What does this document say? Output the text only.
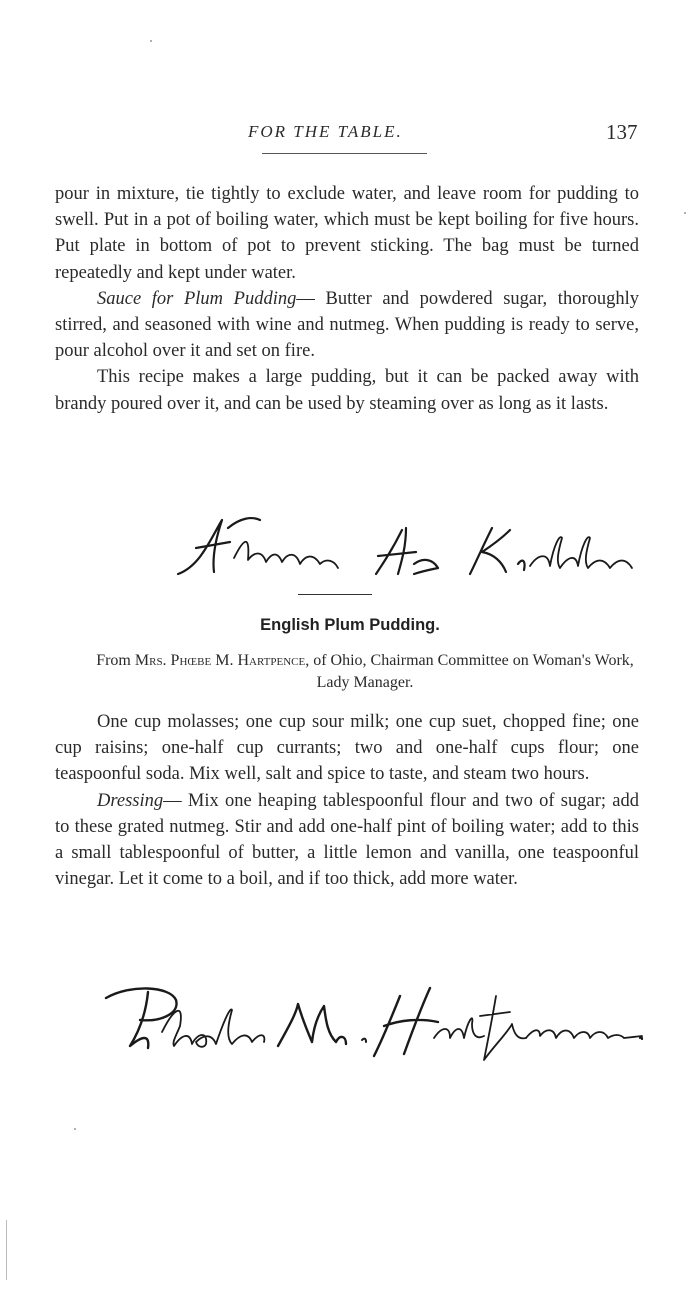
FOR THE TABLE.	137

pour in mixture, tie tightly to exclude water, and leave room for pudding to swell. Put in a pot of boiling water, which must be kept boiling for five hours. Put plate in bottom of pot to prevent sticking. The bag must be turned repeatedly and kept under water.

Sauce for Plum Pudding— Butter and powdered sugar, thoroughly stirred, and seasoned with wine and nutmeg. When pudding is ready to serve, pour alcohol over it and set on fire.

This recipe makes a large pudding, but it can be packed away with brandy poured over it, and can be used by steaming over as long as it lasts.

English Plum Pudding.
From Mrs. Phœbe M. Hartpence, of Ohio, Chairman Committee on Woman's Work, Lady Manager.

One cup molasses; one cup sour milk; one cup suet, chopped fine; one cup raisins; one-half cup currants; two and one-half cups flour; one teaspoonful soda. Mix well, salt and spice to taste, and steam two hours.

Dressing— Mix one heaping tablespoonful flour and two of sugar; add to these grated nutmeg. Stir and add one-half pint of boiling water; add to this a small tablespoonful of butter, a little lemon and vanilla, one teaspoonful vinegar. Let it come to a boil, and if too thick, add more water.
